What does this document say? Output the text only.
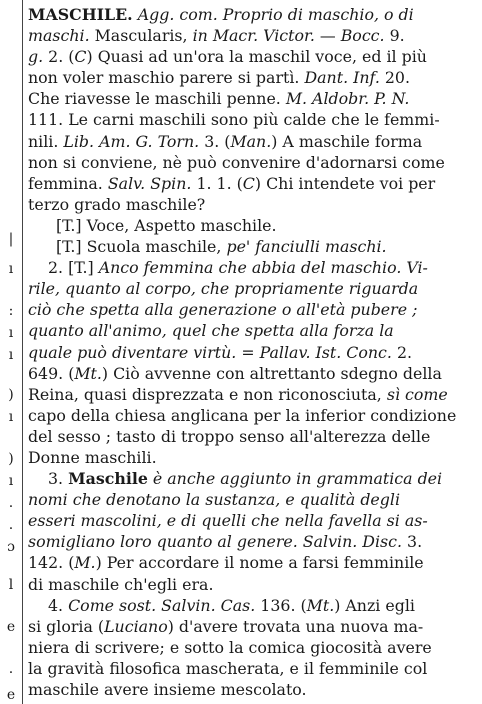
|
ı
:
ı
ı
)
ı
)
ı
.
.
ɔ
l
e
.
e
MASCHILE. Agg. com. Proprio di maschio, o di
maschi. Mascularis, in Macr. Victor. — Bocc. 9.
g. 2. (C) Quasi ad un'ora la maschil voce, ed il più
non voler maschio parere si partì. Dant. Inf. 20.
Che riavesse le maschili penne. M. Aldobr. P. N.
111. Le carni maschili sono più calde che le femmi-
nili. Lib. Am. G. Torn. 3. (Man.) A maschile forma
non si conviene, nè può convenire d'adornarsi come
femmina. Salv. Spin. 1. 1. (C) Chi intendete voi per
terzo grado maschile?
[T.] Voce, Aspetto maschile.
[T.] Scuola maschile, pe' fanciulli maschi.
2. [T.] Anco femmina che abbia del maschio. Vi-
rile, quanto al corpo, che propriamente riguarda
ciò che spetta alla generazione o all'età pubere ;
quanto all'animo, quel che spetta alla forza la
quale può diventare virtù. = Pallav. Ist. Conc. 2.
649. (Mt.) Ciò avvenne con altrettanto sdegno della
Reina, quasi disprezzata e non riconosciuta, sì come
capo della chiesa anglicana per la inferior condizione
del sesso ; tasto di troppo senso all'alterezza delle
Donne maschili.
3. Maschile è anche aggiunto in grammatica dei
nomi che denotano la sustanza, e qualità degli
esseri mascolini, e di quelli che nella favella si as-
somigliano loro quanto al genere. Salvin. Disc. 3.
142. (M.) Per accordare il nome a farsi femminile
di maschile ch'egli era.
4. Come sost. Salvin. Cas. 136. (Mt.) Anzi egli
si gloria (Luciano) d'avere trovata una nuova ma-
niera di scrivere; e sotto la comica giocosità avere
la gravità filosofica mascherata, e il femminile col
maschile avere insieme mescolato.
